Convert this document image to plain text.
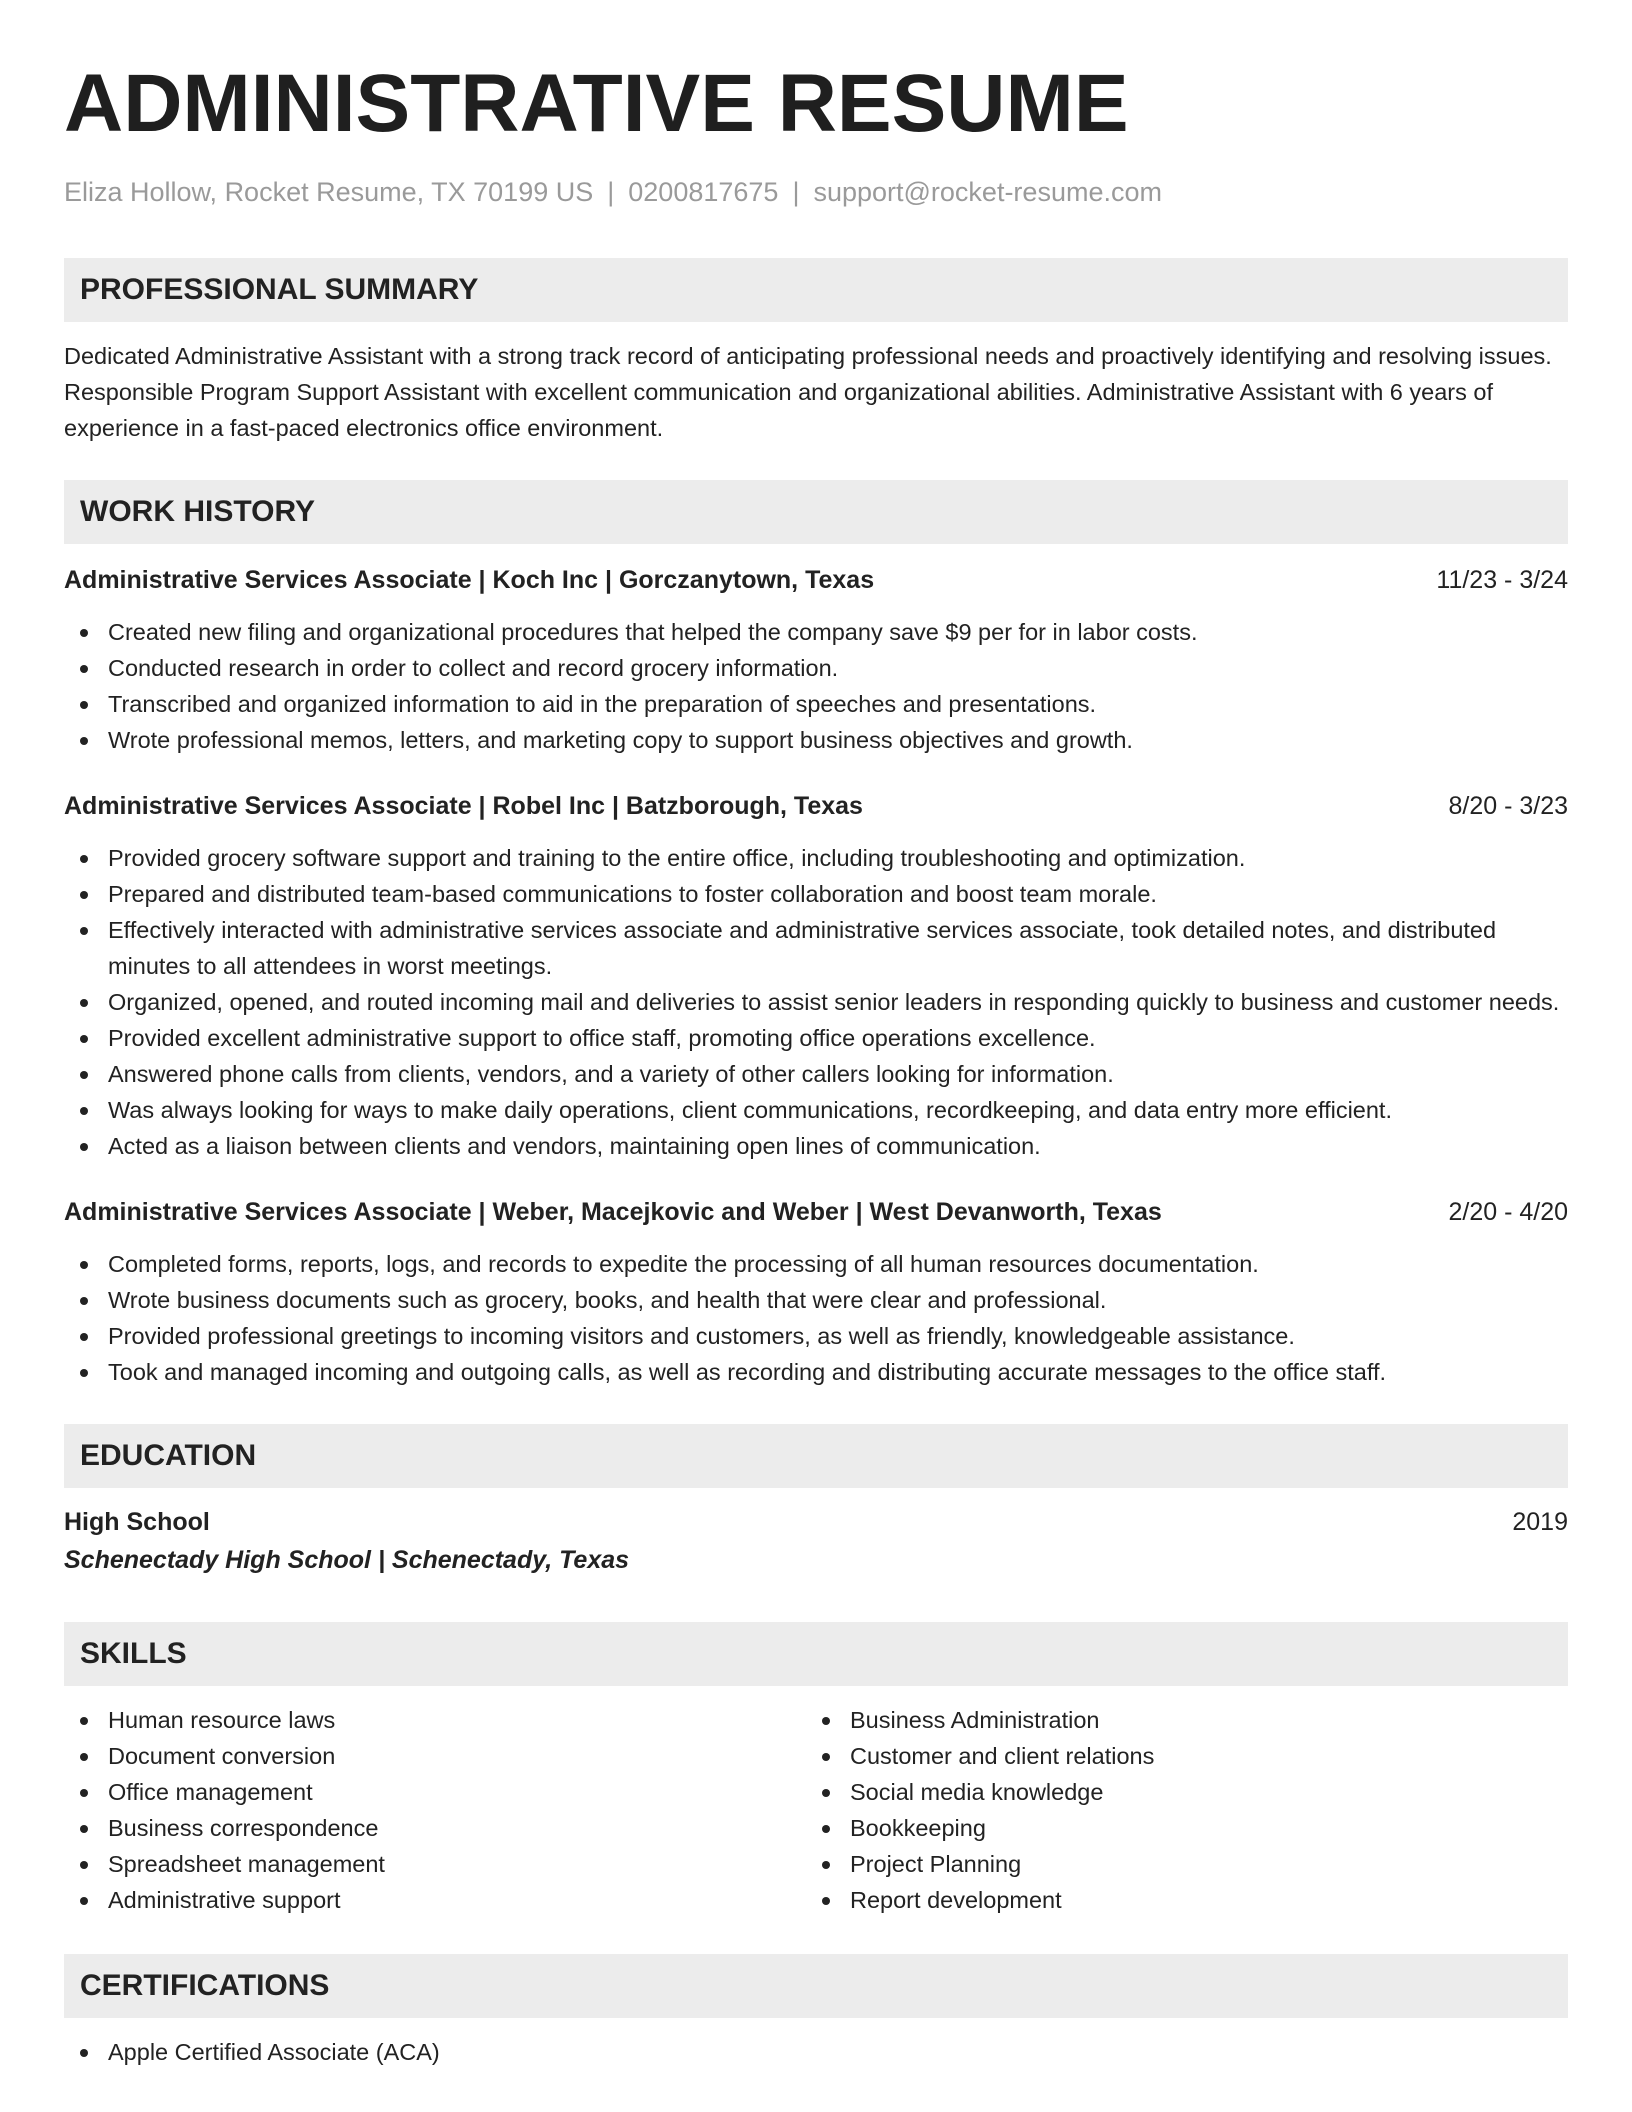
ADMINISTRATIVE RESUME
Eliza Hollow, Rocket Resume, TX 70199 US | 0200817675 | support@rocket-resume.com
PROFESSIONAL SUMMARY

Dedicated Administrative Assistant with a strong track record of anticipating professional needs and proactively identifying and resolving issues. Responsible Program Support Assistant with excellent communication and organizational abilities. Administrative Assistant with 6 years of experience in a fast-paced electronics office environment.

WORK HISTORY
Administrative Services Associate | Koch Inc | Gorczanytown, Texas	11/23 - 3/24
Created new filing and organizational procedures that helped the company save $9 per for in labor costs.
Conducted research in order to collect and record grocery information.
Transcribed and organized information to aid in the preparation of speeches and presentations.
Wrote professional memos, letters, and marketing copy to support business objectives and growth.
Administrative Services Associate | Robel Inc | Batzborough, Texas	8/20 - 3/23
Provided grocery software support and training to the entire office, including troubleshooting and optimization.
Prepared and distributed team-based communications to foster collaboration and boost team morale.
Effectively interacted with administrative services associate and administrative services associate, took detailed notes, and distributed minutes to all attendees in worst meetings.
Organized, opened, and routed incoming mail and deliveries to assist senior leaders in responding quickly to business and customer needs.
Provided excellent administrative support to office staff, promoting office operations excellence.
Answered phone calls from clients, vendors, and a variety of other callers looking for information.
Was always looking for ways to make daily operations, client communications, recordkeeping, and data entry more efficient.
Acted as a liaison between clients and vendors, maintaining open lines of communication.
Administrative Services Associate | Weber, Macejkovic and Weber | West Devanworth, Texas	2/20 - 4/20
Completed forms, reports, logs, and records to expedite the processing of all human resources documentation.
Wrote business documents such as grocery, books, and health that were clear and professional.
Provided professional greetings to incoming visitors and customers, as well as friendly, knowledgeable assistance.
Took and managed incoming and outgoing calls, as well as recording and distributing accurate messages to the office staff.
EDUCATION
High School	2019
Schenectady High School | Schenectady, Texas
SKILLS
Human resource laws
Document conversion
Office management
Business correspondence
Spreadsheet management
Administrative support
Business Administration
Customer and client relations
Social media knowledge
Bookkeeping
Project Planning
Report development
CERTIFICATIONS
Apple Certified Associate (ACA)
